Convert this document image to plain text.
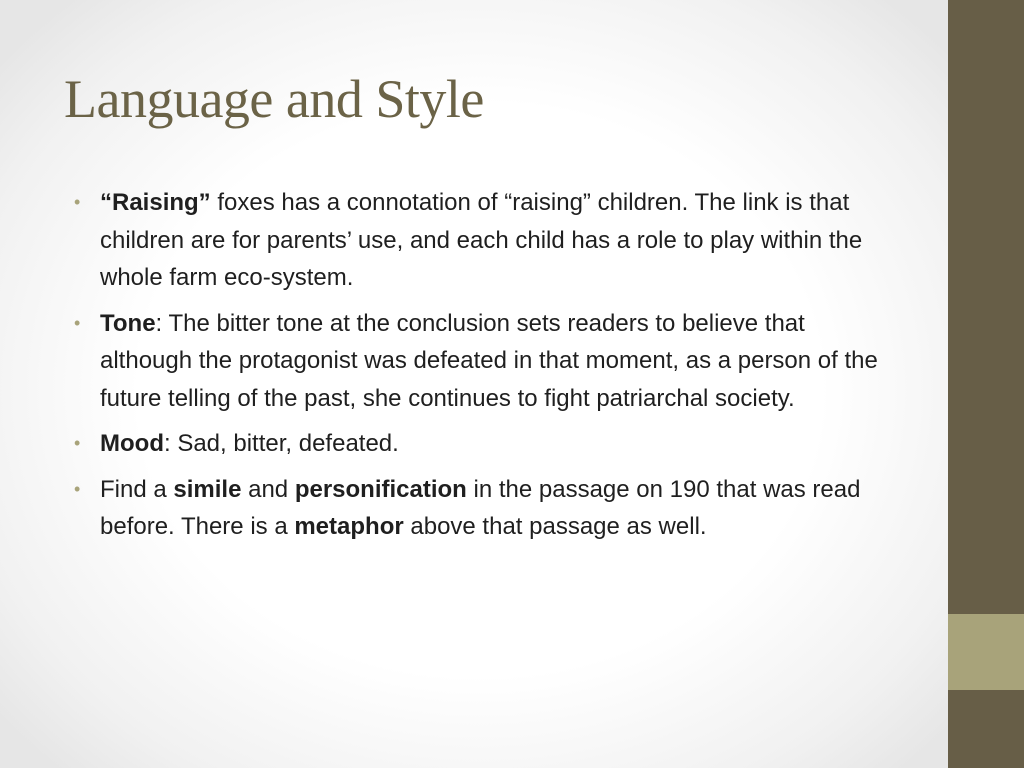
Language and Style
• “Raising” foxes has a connotation of “raising” children. The link is that children are for parents’ use, and each child has a role to play within the whole farm eco-system.
• Tone: The bitter tone at the conclusion sets readers to believe that although the protagonist was defeated in that moment, as a person of the future telling of the past, she continues to fight patriarchal society.
• Mood: Sad, bitter, defeated.
• Find a simile and personification in the passage on 190 that was read before. There is a metaphor above that passage as well.
